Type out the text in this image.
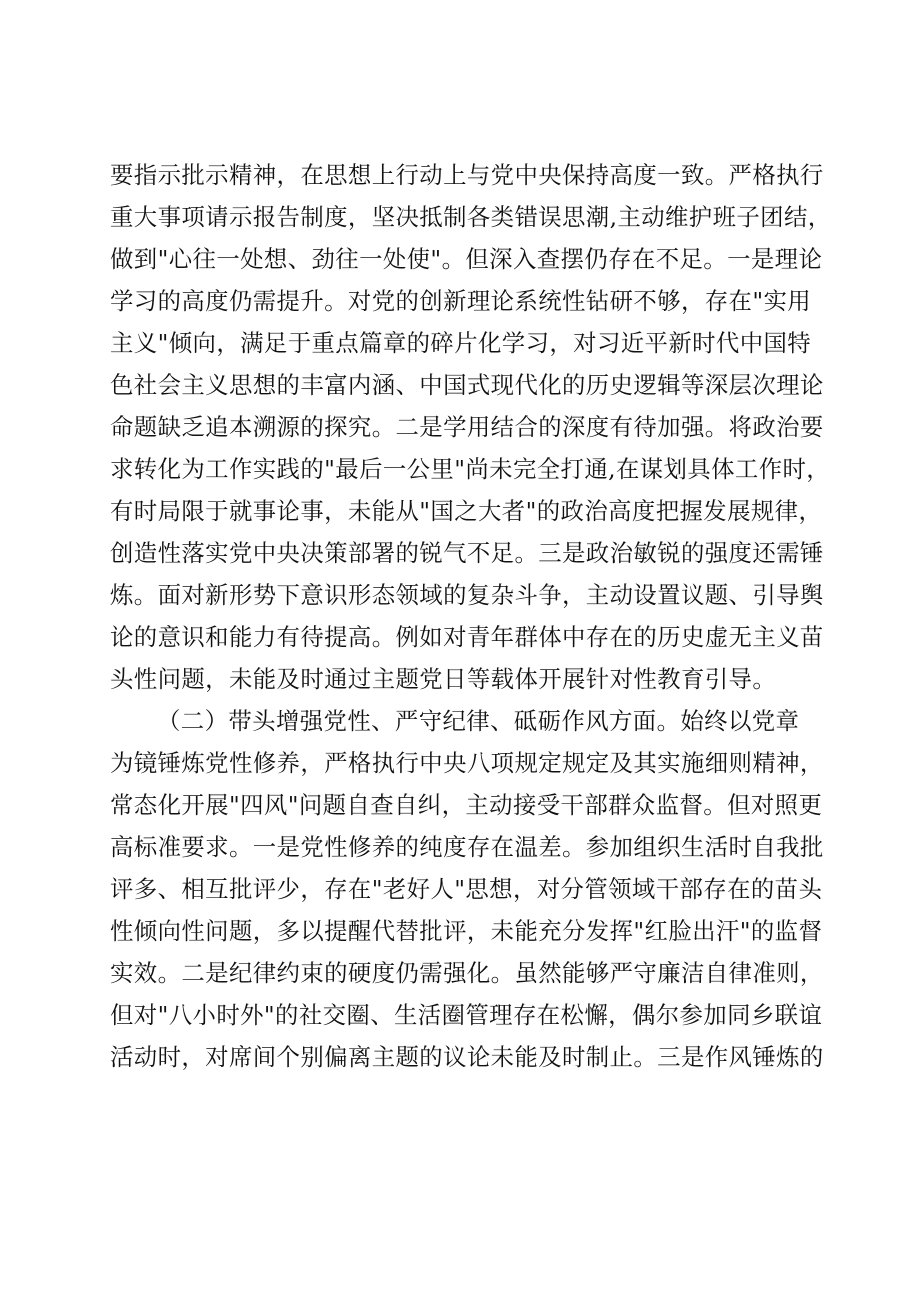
要指示批示精神，在思想上行动上与党中央保持高度一致。严格执行
重大事项请示报告制度，坚决抵制各类错误思潮,主动维护班子团结，
做到"心往一处想、劲往一处使"。但深入查摆仍存在不足。一是理论
学习的高度仍需提升。对党的创新理论系统性钻研不够，存在"实用
主义"倾向，满足于重点篇章的碎片化学习，对习近平新时代中国特
色社会主义思想的丰富内涵、中国式现代化的历史逻辑等深层次理论
命题缺乏追本溯源的探究。二是学用结合的深度有待加强。将政治要
求转化为工作实践的"最后一公里"尚未完全打通,在谋划具体工作时，
有时局限于就事论事，未能从"国之大者"的政治高度把握发展规律，
创造性落实党中央决策部署的锐气不足。三是政治敏锐的强度还需锤
炼。面对新形势下意识形态领域的复杂斗争，主动设置议题、引导舆
论的意识和能力有待提高。例如对青年群体中存在的历史虚无主义苗
头性问题，未能及时通过主题党日等载体开展针对性教育引导。
（二）带头增强党性、严守纪律、砥砺作风方面。始终以党章
为镜锤炼党性修养，严格执行中央八项规定规定及其实施细则精神，
常态化开展"四风"问题自查自纠，主动接受干部群众监督。但对照更
高标准要求。一是党性修养的纯度存在温差。参加组织生活时自我批
评多、相互批评少，存在"老好人"思想，对分管领域干部存在的苗头
性倾向性问题，多以提醒代替批评，未能充分发挥"红脸出汗"的监督
实效。二是纪律约束的硬度仍需强化。虽然能够严守廉洁自律准则，
但对"八小时外"的社交圈、生活圈管理存在松懈，偶尔参加同乡联谊
活动时，对席间个别偏离主题的议论未能及时制止。三是作风锤炼的
